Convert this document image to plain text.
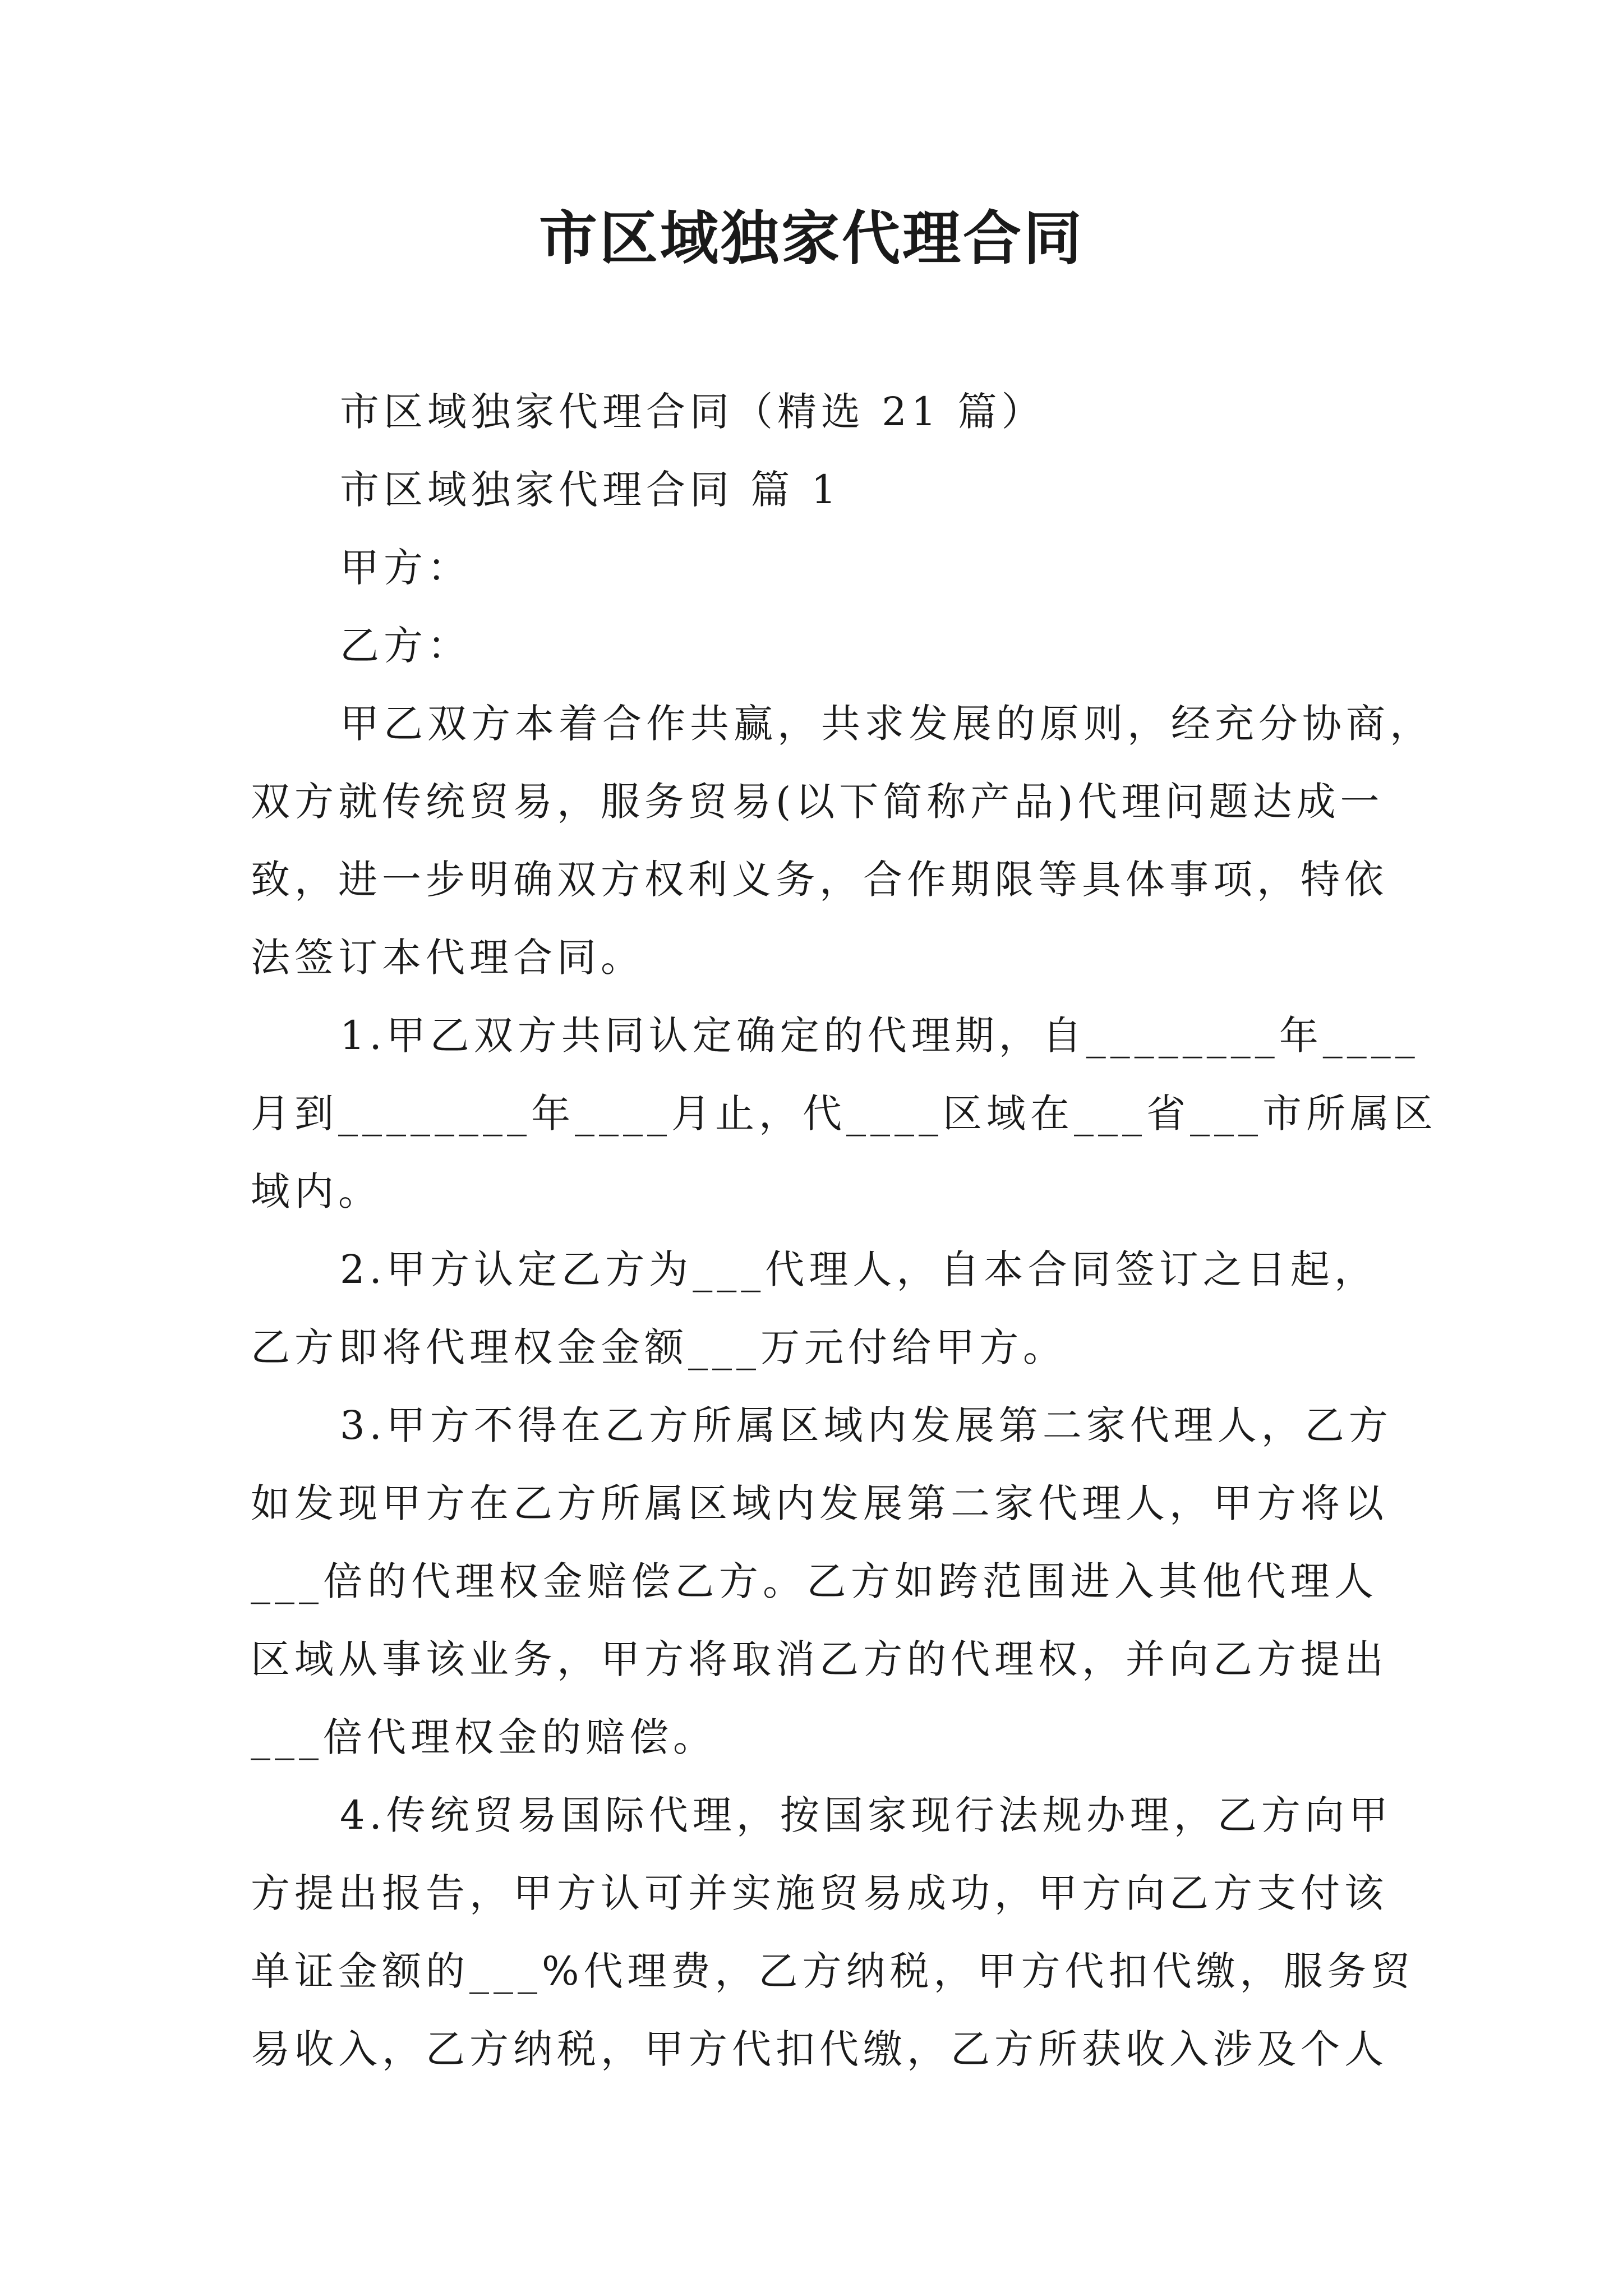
市区域独家代理合同
市区域独家代理合同（精选 21 篇）
市区域独家代理合同 篇 1
甲方：
乙方：
甲乙双方本着合作共赢，共求发展的原则，经充分协商，
双方就传统贸易，服务贸易(以下简称产品)代理问题达成一
致，进一步明确双方权利义务，合作期限等具体事项，特依
法签订本代理合同。
1.甲乙双方共同认定确定的代理期，自________年____
月到________年____月止，代____区域在___省___市所属区
域内。
2.甲方认定乙方为___代理人，自本合同签订之日起，
乙方即将代理权金金额___万元付给甲方。
3.甲方不得在乙方所属区域内发展第二家代理人，乙方
如发现甲方在乙方所属区域内发展第二家代理人，甲方将以
___倍的代理权金赔偿乙方。乙方如跨范围进入其他代理人
区域从事该业务，甲方将取消乙方的代理权，并向乙方提出
___倍代理权金的赔偿。
4.传统贸易国际代理，按国家现行法规办理，乙方向甲
方提出报告，甲方认可并实施贸易成功，甲方向乙方支付该
单证金额的___%代理费，乙方纳税，甲方代扣代缴，服务贸
易收入，乙方纳税，甲方代扣代缴，乙方所获收入涉及个人
